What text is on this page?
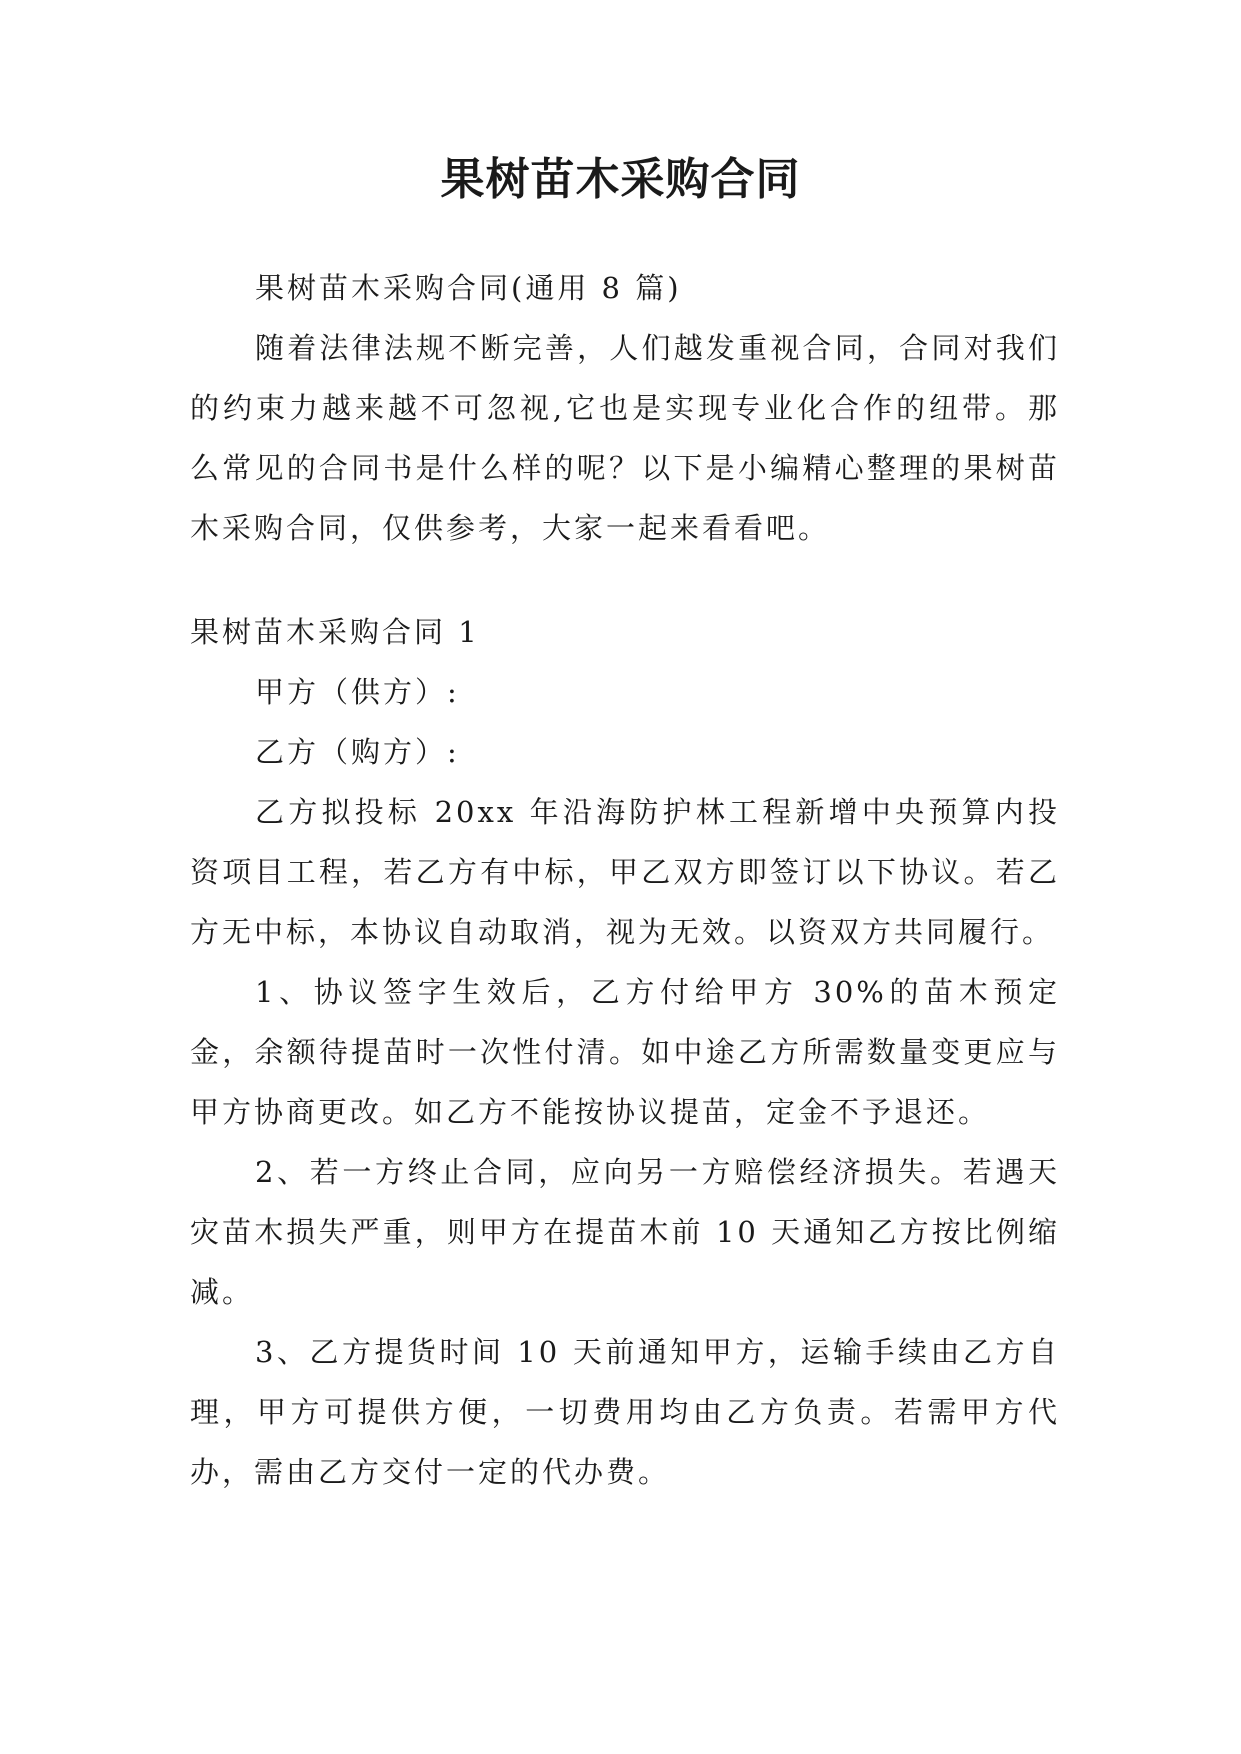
果树苗木采购合同

果树苗木采购合同(通用 8 篇)

随着法律法规不断完善，人们越发重视合同，合同对我们的约束力越来越不可忽视,它也是实现专业化合作的纽带。那么常见的合同书是什么样的呢？以下是小编精心整理的果树苗木采购合同，仅供参考，大家一起来看看吧。

果树苗木采购合同 1

甲方（供方）:

乙方（购方）:

乙方拟投标 20xx 年沿海防护林工程新增中央预算内投资项目工程，若乙方有中标，甲乙双方即签订以下协议。若乙方无中标，本协议自动取消，视为无效。以资双方共同履行。

1、协议签字生效后，乙方付给甲方 30%的苗木预定金，余额待提苗时一次性付清。如中途乙方所需数量变更应与甲方协商更改。如乙方不能按协议提苗，定金不予退还。

2、若一方终止合同，应向另一方赔偿经济损失。若遇天灾苗木损失严重，则甲方在提苗木前 10 天通知乙方按比例缩减。

3、乙方提货时间 10 天前通知甲方，运输手续由乙方自理，甲方可提供方便，一切费用均由乙方负责。若需甲方代办，需由乙方交付一定的代办费。
